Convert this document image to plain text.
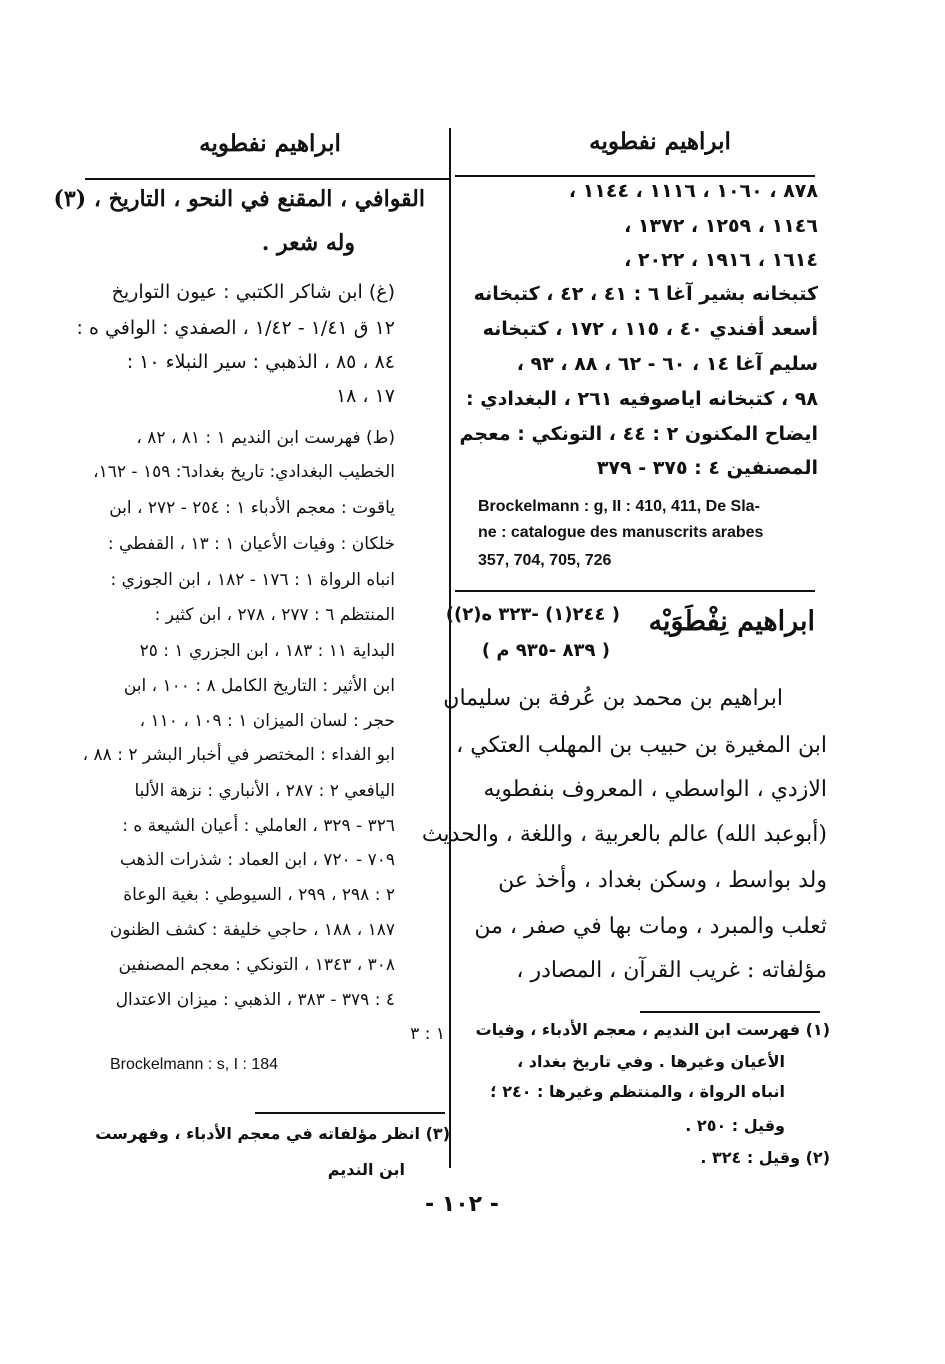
ابراهيم نفطويه
ابراهيم نفطويه
٨٧٨ ، ١٠٦٠ ، ١١١٦ ، ١١٤٤ ،
١١٤٦ ، ١٢٥٩ ، ١٣٧٢ ،
١٦١٤ ، ١٩١٦ ، ٢٠٢٢ ،
كتبخانه بشير آغا ٦ : ٤١ ، ٤٢ ، كتبخانه
أسعد أفندي ٤٠ ، ١١٥ ، ١٧٢ ، كتبخانه
سليم آغا ١٤ ، ٦٠ - ٦٢ ، ٨٨ ، ٩٣ ،
٩٨ ، كتبخانه اياصوفيه ٢٦١ ، البغدادي :
ايضاح المكنون ٢ : ٤٤ ، التونكي : معجم
المصنفين ٤ : ٣٧٥ - ٣٧٩
Brockelmann : g, II : 410, 411, De Sla-
ne : catalogue des manuscrits arabes
357, 704, 705, 726
ابراهيم نِفْطَوَيْه
( ٢٤٤(١) -٣٢٣ ه(٢))
( ٨٣٩ -٩٣٥ م )
ابراهيم بن محمد بن عُرفة بن سليمان
ابن المغيرة بن حبيب بن المهلب العتكي ،
الازدي ، الواسطي ، المعروف بنفطويه
(أبوعبد الله) عالم بالعربية ، واللغة ، والحديث
ولد بواسط ، وسكن بغداد ، وأخذ عن
ثعلب والمبرد ، ومات بها في صفر ، من
مؤلفاته : غريب القرآن ، المصادر ،
(١) فهرست ابن النديم ، معجم الأدباء ، وفيات
الأعيان وغيرها . وفي تاريخ بغداد ،
انباه الرواة ، والمنتظم وغيرها : ٢٤٠ ؛
وقيل : ٢٥٠ .
(٢) وقيل : ٣٢٤ .
القوافي ، المقنع في النحو ، التاريخ ، (٣)
وله شعر .
(غ) ابن شاكر الكتبي : عيون التواريخ
١٢ ق ١/٤١ - ١/٤٢ ، الصفدي : الوافي ه :
٨٤ ، ٨٥ ، الذهبي : سير النبلاء ١٠ :
١٧ ، ١٨
(ط) فهرست ابن النديم ١ : ٨١ ، ٨٢ ،
الخطيب البغدادي: تاريخ بغداد٦: ١٥٩ - ١٦٢،
ياقوت : معجم الأدباء ١ : ٢٥٤ - ٢٧٢ ، ابن
خلكان : وفيات الأعيان ١ : ١٣ ، القفطي :
انباه الرواة ١ : ١٧٦ - ١٨٢ ، ابن الجوزي :
المنتظم ٦ : ٢٧٧ ، ٢٧٨ ، ابن كثير :
البداية ١١ : ١٨٣ ، ابن الجزري ١ : ٢٥
ابن الأثير : التاريخ الكامل ٨ : ١٠٠ ، ابن
حجر : لسان الميزان ١ : ١٠٩ ، ١١٠ ،
ابو الفداء : المختصر في أخبار البشر ٢ : ٨٨ ،
اليافعي ٢ : ٢٨٧ ، الأنباري : نزهة الألبا
٣٢٦ - ٣٢٩ ، العاملي : أعيان الشيعة ه :
٧٠٩ - ٧٢٠ ، ابن العماد : شذرات الذهب
٢ : ٢٩٨ ، ٢٩٩ ، السيوطي : بغية الوعاة
١٨٧ ، ١٨٨ ، حاجي خليفة : كشف الظنون
٣٠٨ ، ١٣٤٣ ، التونكي : معجم المصنفين
٤ : ٣٧٩ - ٣٨٣ ، الذهبي : ميزان الاعتدال
١ : ٣
Brockelmann : s, I : 184
(٣) انظر مؤلفاته في معجم الأدباء ، وفهرست
ابن النديم
- ١٠٢ -
